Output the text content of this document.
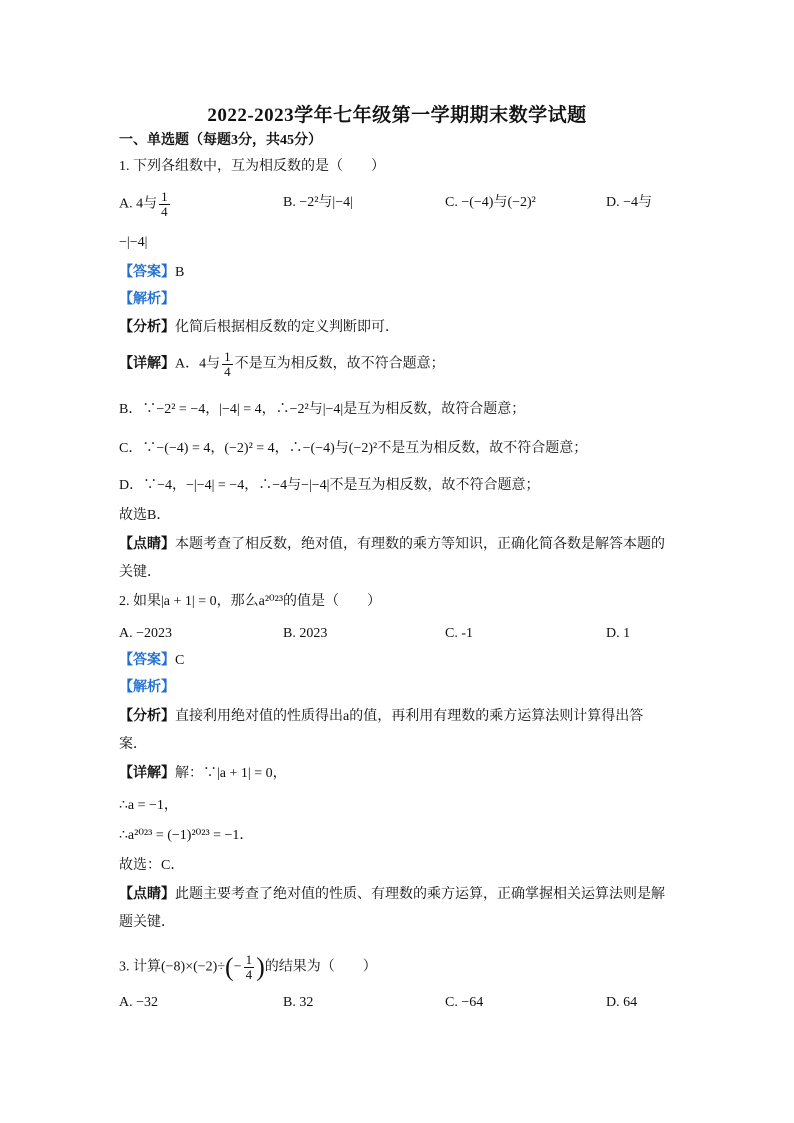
2022-2023学年七年级第一学期期末数学试题
一、单选题（每题3分，共45分）
1. 下列各组数中，互为相反数的是（　　）
A. 4与 $\frac{1}{4}$	B. −2²与|−4|	C. −(−4)与(−2)²	D. −4与
−|−4|
【答案】B
【解析】
【分析】化简后根据相反数的定义判断即可．
【详解】A．4与 $\frac{1}{4}$ 不是互为相反数，故不符合题意；
B．∵−2² = −4，|−4| = 4，∴−2²与|−4|是互为相反数，故符合题意；
C．∵−(−4) = 4，(−2)² = 4，∴−(−4)与(−2)²不是互为相反数，故不符合题意；
D．∵−4，−|−4| = −4，∴−4与−|−4|不是互为相反数，故不符合题意；
故选B．
【点睛】本题考查了相反数，绝对值，有理数的乘方等知识，正确化简各数是解答本题的
关键．
2. 如果|a + 1| = 0，那么a²⁰²³的值是（　　）
A. −2023	B. 2023	C. -1	D. 1
【答案】C
【解析】
【分析】直接利用绝对值的性质得出a的值，再利用有理数的乘方运算法则计算得出答
案．
【详解】解：∵|a + 1| = 0，
∴a = −1，
∴a²⁰²³ = (−1)²⁰²³ = −1．
故选：C．
【点睛】此题主要考查了绝对值的性质、有理数的乘方运算，正确掌握相关运算法则是解
题关键．
3. 计算$(-8)\times(-2)\div(- \frac{1}{4}$ )的结果为（　　）
A. −32	B. 32	C. −64	D. 64
